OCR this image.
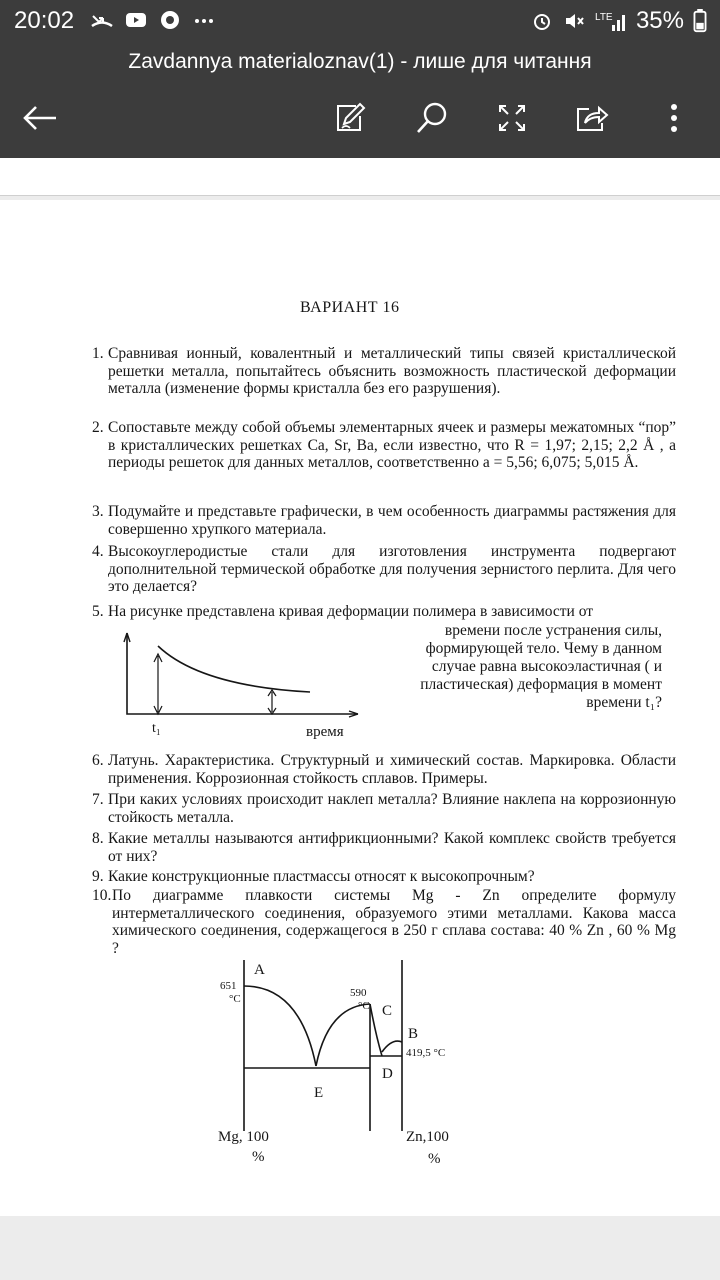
20:02	LTE 35%
Zavdannya materialoznav(1) - лише для читання
ВАРИАНТ 16
1. Сравнивая ионный, ковалентный и металлический типы связей кристаллической решетки металла, попытайтесь объяснить возможность пластической деформации металла (изменение формы кристалла без его разрушения).
2. Сопоставьте между собой объемы элементарных ячеек и размеры межатомных “пор” в кристаллических решетках Ca, Sr, Ba, если известно, что R = 1,97; 2,15; 2,2 Å , а периоды решеток для данных металлов, соответственно a = 5,56; 6,075; 5,015 Å.
3. Подумайте и представьте графически, в чем особенность диаграммы растяжения для совершенно хрупкого материала.
4. Высокоуглеродистые стали для изготовления инструмента подвергают дополнительной термической обработке для получения зернистого перлита. Для чего это делается?
5. На рисунке представлена кривая деформации полимера в зависимости от
t₁	время
времени после устранения силы, формирующей тело. Чему в данном случае равна высокоэластичная ( и пластическая) деформация в момент времени t₁?
6. Латунь. Характеристика. Структурный и химический состав. Маркировка. Области применения. Коррозионная стойкость сплавов. Примеры.
7. При каких условиях происходит наклеп металла? Влияние наклепа на коррозионную стойкость металла.
8. Какие металлы называются антифрикционными? Какой комплекс свойств требуется от них?
9. Какие конструкционные пластмассы относят к высокопрочным?
10. По диаграмме плавкости системы Mg - Zn определите формулу интерметаллического соединения, образуемого этими металлами. Какова масса химического соединения, содержащегося в 250 г сплава состава: 40 % Zn , 60 % Mg ?
A
651
°C	590
°C C
B
419,5 °C
D
E
Mg, 100
%
Zn,100
%
